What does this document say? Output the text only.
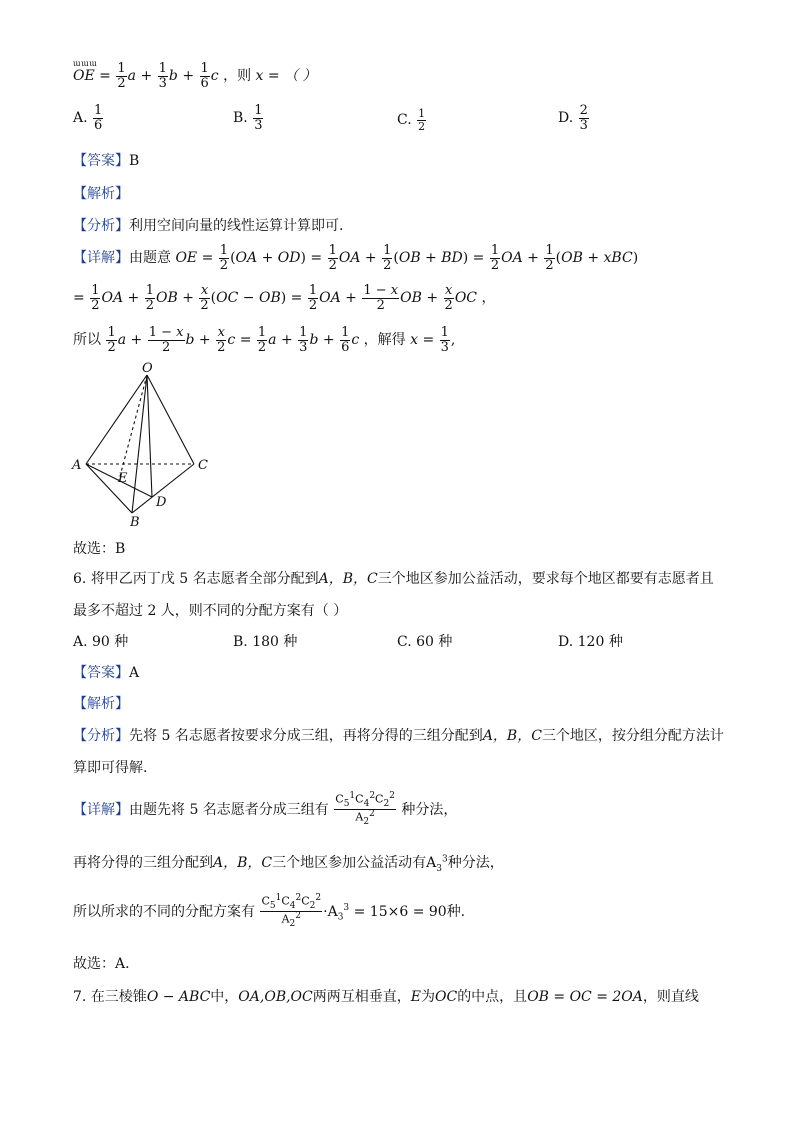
OE
ɯ ɯ ɯ
= $\frac{1}{2}$ $a + \frac{1}{3}$ $b + \frac{1}{6}$ c ，则 x = （ ）
A. $\frac{1}{6}$	B. $\frac{1}{3}$	C. $\frac{1}{2}$	D. $\frac{2}{3}$
【答案】B
【解析】
【分析】利用空间向量的线性运算计算即可.
【详解】由题意 OE = $\frac{1}{2} (OA + OD) = \frac{1}{2}$ OA + $\frac{1}{2} (OB + BD) = \frac{1}{2}$ OA + $\frac{1}{2} (OB + xBC)$
= $\frac{1}{2}$ OA + $\frac{1}{2}$ OB + $\frac{x}{2} (OC - OB) = \frac{1}{2}$ OA + $\frac{1 - x}{2}$ OB + $\frac{x}{2}$ OC ，
所以 $\frac{1}{2}$ $a + \frac{1 - x}{2}$ $b + \frac{x}{2}$ $c = \frac{1}{2}$ $a + \frac{1}{3}$ $b + \frac{1}{6}$ c ，解得 $x = \frac{1}{3}$ ,
O
A	C
E
D
B
故选：B
6. 将甲乙丙丁戊 5 名志愿者全部分配到A，B，C三个地区参加公益活动，要求每个地区都要有志愿者且
最多不超过 2 人，则不同的分配方案有（ ）
A. 90 种	B. 180 种	C. 60 种	D. 120 种
【答案】A
【解析】
【分析】先将 5 名志愿者按要求分成三组，再将分得的三组分配到A，B，C三个地区，按分组分配方法计
算即可得解.
【详解】由题先将 5 名志愿者分成三组有 $\frac{C_5^1C_4^2C_2^2}{A_2^2}$ 种分法，
再将分得的三组分配到A，B，C三个地区参加公益活动有$A_3^3$种分法，
所以所求的不同的分配方案有 $\frac{C_5^1C_4^2C_2^2}{A_2^2} \cdot A_3^3 = 15\times 6 = 90$种.
故选：A.
7. 在三棱锥O − ABC中，OA,OB,OC两两互相垂直，E为OC的中点，且OB = OC = 2OA，则直线
